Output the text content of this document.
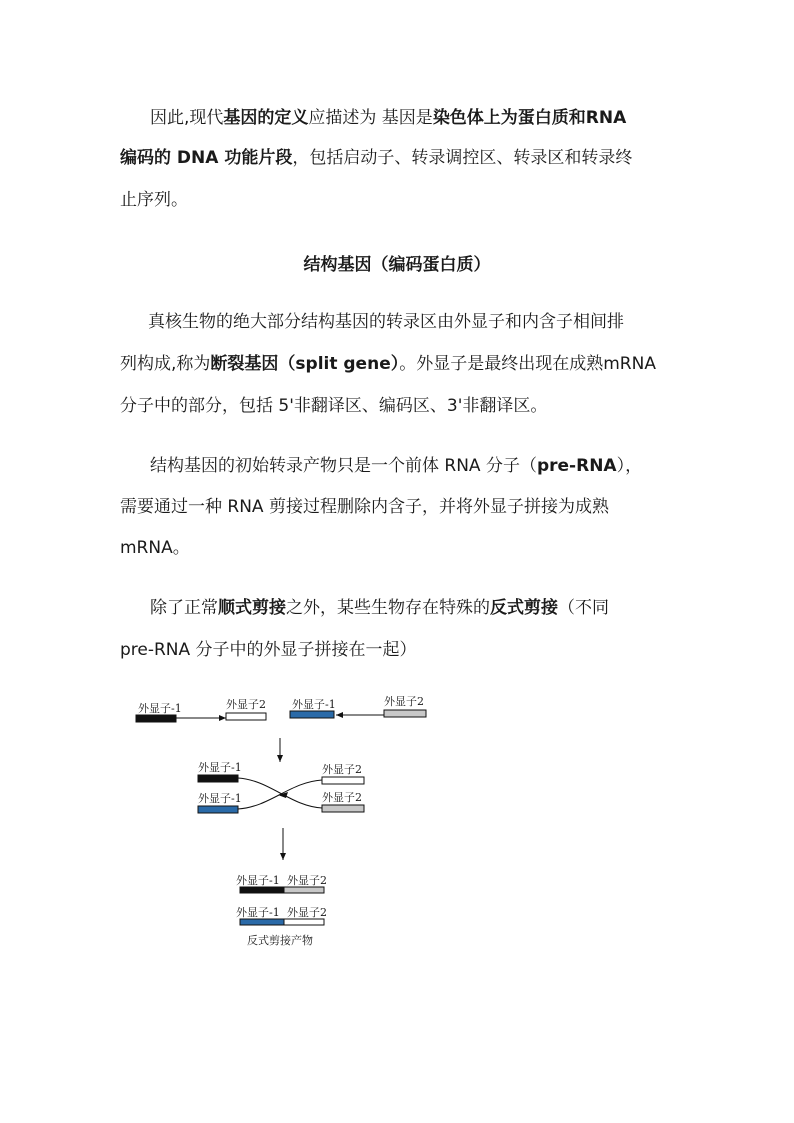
因此,现代基因的定义应描述为 基因是染色体上为蛋白质和RNA
编码的 DNA 功能片段，包括启动子、转录调控区、转录区和转录终
止序列。
结构基因（编码蛋白质）
真核生物的绝大部分结构基因的转录区由外显子和内含子相间排
列构成,称为断裂基因（split gene）。外显子是最终出现在成熟mRNA
分子中的部分，包括 5'非翻译区、编码区、3'非翻译区。
结构基因的初始转录产物只是一个前体 RNA 分子（pre-RNA），
需要通过一种 RNA 剪接过程删除内含子，并将外显子拼接为成熟
mRNA。
除了正常顺式剪接之外，某些生物存在特殊的反式剪接（不同
pre-RNA 分子中的外显子拼接在一起）
外显子-1	外显子2 外显子-1	外显子2
外显子-1
外显子-1
外显子2
外显子2
外显子-1 外显子2
外显子-1 外显子2
反式剪接产物
